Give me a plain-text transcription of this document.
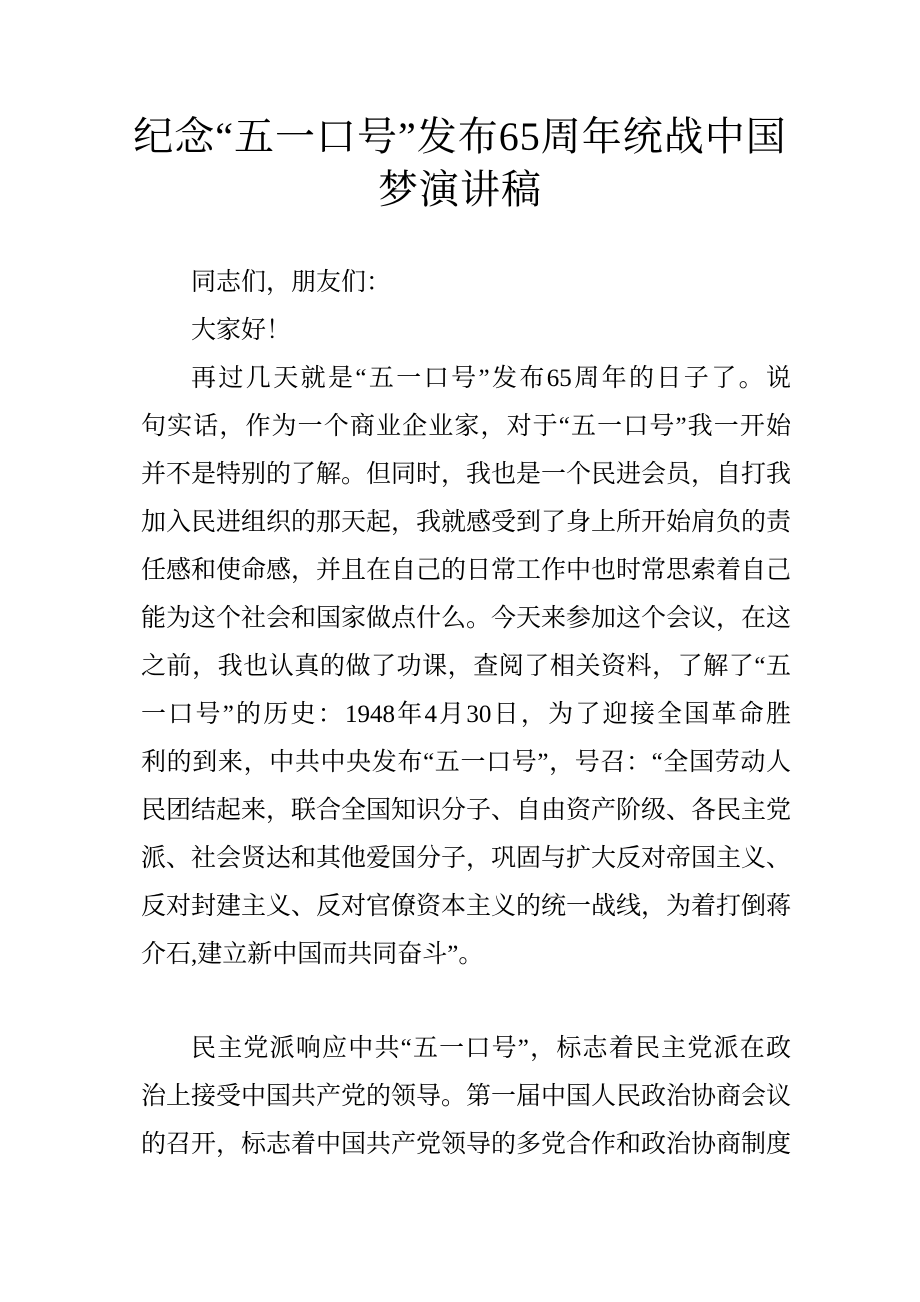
纪念“五一口号”发布65周年统战中国
梦演讲稿
同志们，朋友们：
大家好！
再过几天就是“五一口号”发布65周年的日子了。说
句实话，作为一个商业企业家，对于“五一口号”我一开始
并不是特别的了解。但同时，我也是一个民进会员，自打我
加入民进组织的那天起，我就感受到了身上所开始肩负的责
任感和使命感，并且在自己的日常工作中也时常思索着自己
能为这个社会和国家做点什么。今天来参加这个会议，在这
之前，我也认真的做了功课，查阅了相关资料，了解了“五
一口号”的历史：1948年4月30日，为了迎接全国革命胜
利的到来，中共中央发布“五一口号”，号召：“全国劳动人
民团结起来，联合全国知识分子、自由资产阶级、各民主党
派、社会贤达和其他爱国分子，巩固与扩大反对帝国主义、
反对封建主义、反对官僚资本主义的统一战线，为着打倒蒋
介石,建立新中国而共同奋斗”。
民主党派响应中共“五一口号”，标志着民主党派在政
治上接受中国共产党的领导。第一届中国人民政治协商会议
的召开，标志着中国共产党领导的多党合作和政治协商制度
